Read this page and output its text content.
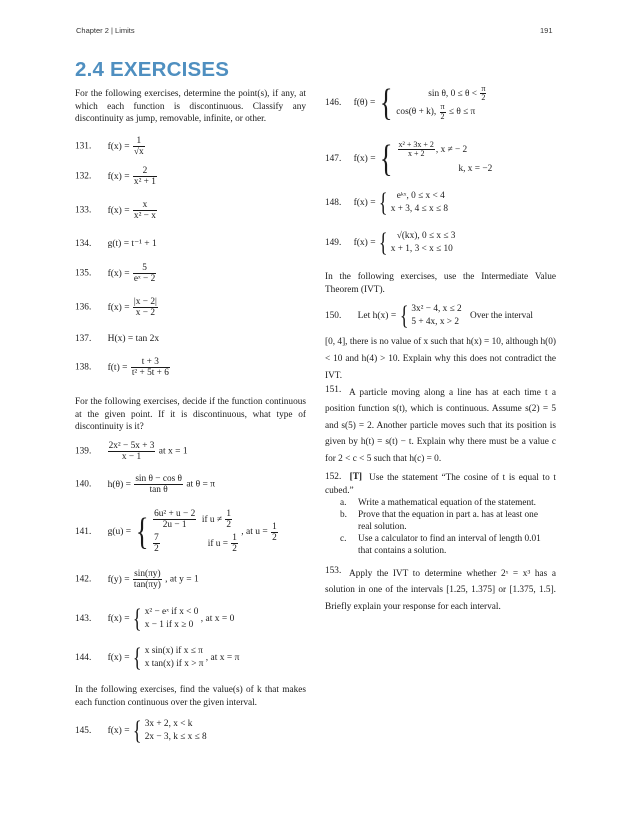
Chapter 2 | Limits	191
2.4 EXERCISES
For the following exercises, determine the point(s), if any, at which each function is discontinuous. Classify any discontinuity as jump, removable, infinite, or other.
131. $f(x) = \frac{1}{√x}$
132. $f(x) = \frac{2}{\text{x² + 1}}$
133. $f(x) = \frac{x}{\text{x² − x}}$
134. g(t) = t⁻¹ + 1
135. $f(x) = \frac{5}{\text{eˣ − 2}}$
136. $f(x) = \frac{|x - 2|}{x - 2}$
137. H(x) = tan 2x
138. $f(t) = \frac{t + 3}{\text{t² + 5t + 6}}$
For the following exercises, decide if the function continuous at the given point. If it is discontinuous, what type of discontinuity is it?
139. $\frac{\text{2x² − 5x + 3}}{x - 1}$ at x = 1
140. $h(\theta) = \frac{\text{sin θ − cos θ}}{\text{tan θ}}$ at θ = π
141. g(u) = { $\frac{\text{6u² + u − 2}}{2u - 1}$ if $u \ne \frac{1}{2}$
$\frac{7}{2}$	if $u = \frac{1}{2}$
, at $u = \frac{1}{2}$
142. $f(y) = \frac{\sin(\pi y)}{\tan(\pi y)}$ , at y = 1
143. f(x) = { x² − eˣ if x < 0
x − 1 if x ≥ 0
, at x = 0
144. f(x) = { x sin(x) if x ≤ π
x tan(x) if x > π
, at x = π
In the following exercises, find the value(s) of k that makes each function continuous over the given interval.
145. f(x) = { 3x + 2, x < k
2x − 3, k ≤ x ≤ 8
146. f(θ) = {	sin θ, $0 \le \theta < \frac{\pi}{2}$
cos(θ + k), $\frac{\pi}{2} \le \theta \le \pi$
147. f(x) = { $\frac{\text{x² + 3x + 2}}{x + 2}$ , x ≠ − 2
k, x = −2
148. f(x) = { eᵏˣ, 0 ≤ x < 4
x + 3, 4 ≤ x ≤ 8
149. f(x) = { √(kx), 0 ≤ x ≤ 3
x + 1, 3 < x ≤ 10
In the following exercises, use the Intermediate Value Theorem (IVT).
150. Let h(x) = { 3x² − 4, x ≤ 2
5 + 4x, x > 2
Over the interval
[0, 4], there is no value of x such that h(x) = 10, although h(0) < 10 and h(4) > 10. Explain why this does not contradict the IVT.
151. A particle moving along a line has at each time t a position function s(t), which is continuous. Assume s(2) = 5 and s(5) = 2. Another particle moves such that its position is given by h(t) = s(t) − t. Explain why there must be a value c for 2 < c < 5 such that h(c) = 0.
152. [T] Use the statement “The cosine of t is equal to t cubed.”
a. Write a mathematical equation of the statement.
b. Prove that the equation in part a. has at least one real solution.
c. Use a calculator to find an interval of length 0.01 that contains a solution.
153. Apply the IVT to determine whether 2ˣ = x³ has a solution in one of the intervals [1.25, 1.375] or [1.375, 1.5]. Briefly explain your response for each interval.
